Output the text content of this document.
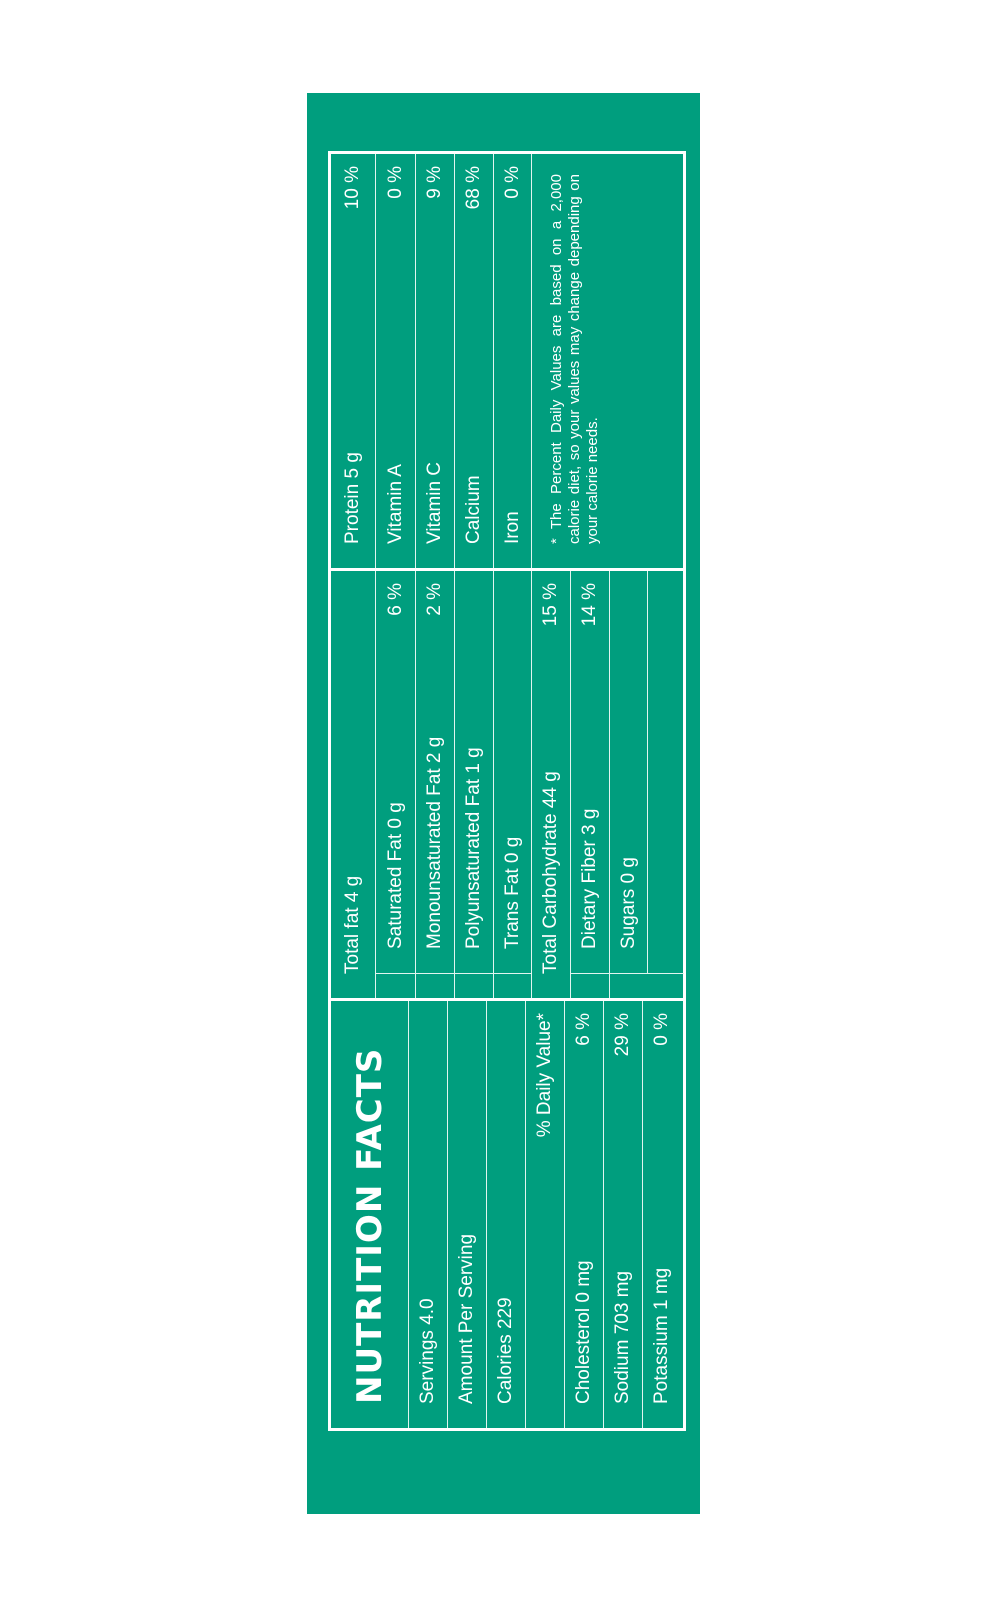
NUTRITION FACTS	Servings 4.0 Amount Per Serving Calories 229
% Daily Value*
Cholesterol 0 mg
6 %
Sodium 703 mg
29 %
Potassium 1 mg
0 %
Total fat 4 g Saturated Fat 0 g
6 %
Monounsaturated Fat 2 g
2 %
Polyunsaturated Fat 1 g Trans Fat 0 g Total Carbohydrate 44 g
15 %
Dietary Fiber 3 g
14 %
Sugars 0 g
Protein 5 g
10 %
Vitamin A
0 %
Vitamin C
9 %
Calcium
68 %
Iron
0 %	* The Percent Daily Values are based on a 2,000 calorie diet, so your values may change depending on your calorie needs.
